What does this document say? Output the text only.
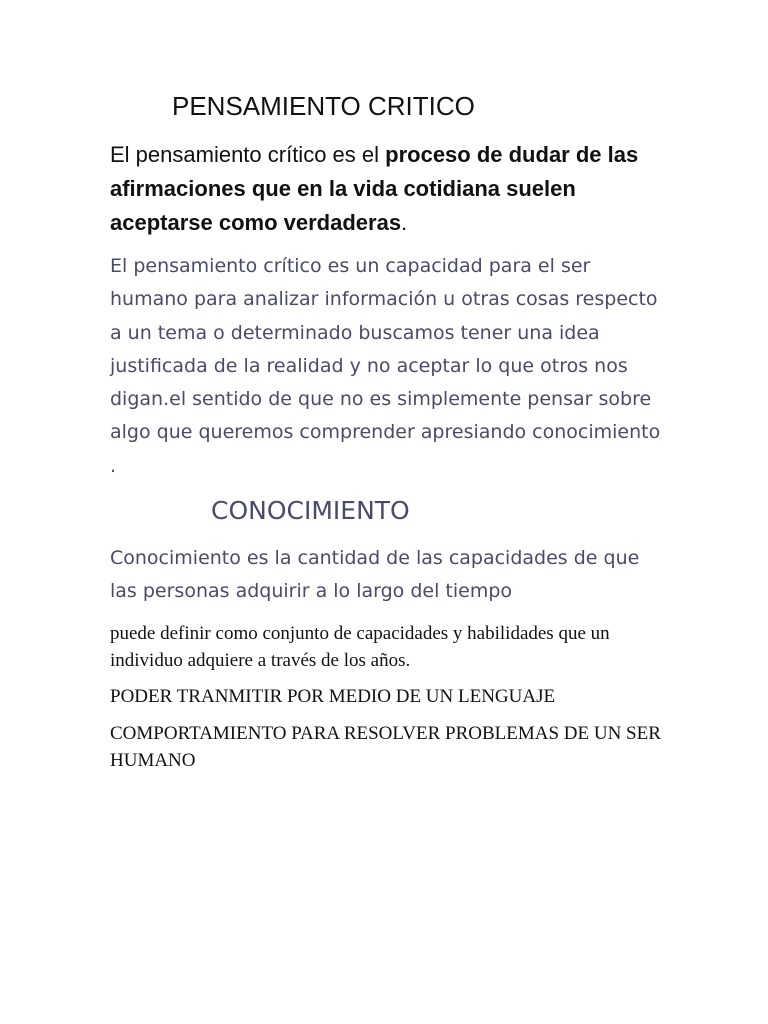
PENSAMIENTO CRITICO

El pensamiento crítico es el proceso de dudar de las afirmaciones que en la vida cotidiana suelen aceptarse como verdaderas.

El pensamiento crítico es un capacidad para el ser humano para analizar información u otras cosas respecto a un tema o determinado buscamos tener una idea justificada de la realidad y no aceptar lo que otros nos digan.el sentido de que no es simplemente pensar sobre algo que queremos comprender apresiando conocimiento .

CONOCIMIENTO

Conocimiento es la cantidad de las capacidades de que las personas adquirir a lo largo del tiempo

puede definir como conjunto de capacidades y habilidades que un individuo adquiere a través de los años.

PODER TRANMITIR POR MEDIO DE UN LENGUAJE

COMPORTAMIENTO PARA RESOLVER PROBLEMAS DE UN SER HUMANO
